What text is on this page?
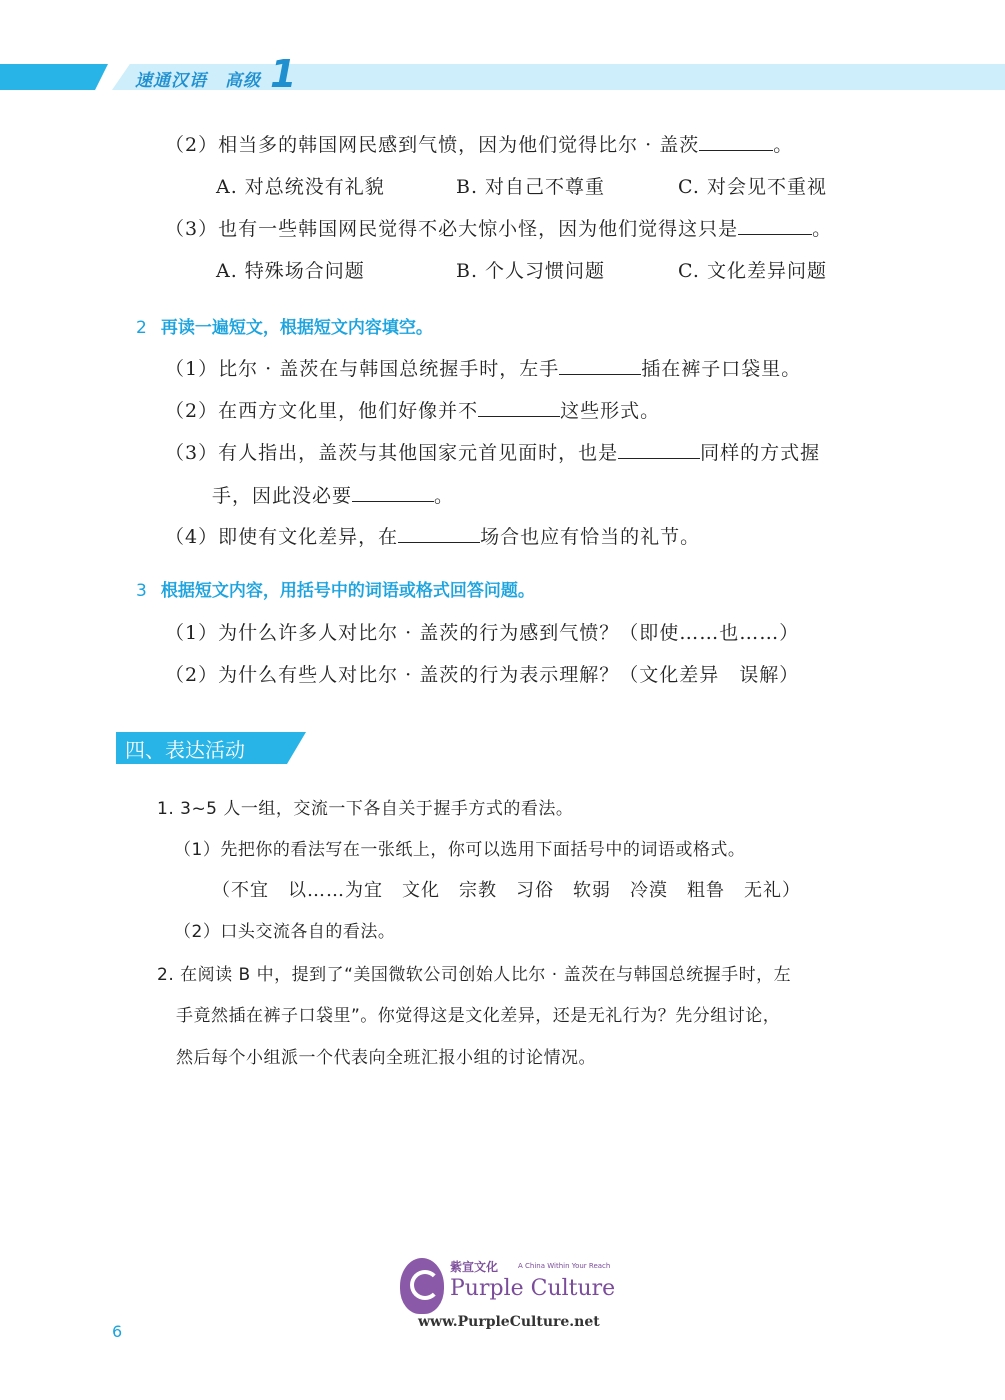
速通汉语　高级 1
（2）相当多的韩国网民感到气愤，因为他们觉得比尔 · 盖茨	。
A. 对总统没有礼貌	B. 对自己不尊重	C. 对会见不重视
（3）也有一些韩国网民觉得不必大惊小怪，因为他们觉得这只是	。
A. 特殊场合问题	B. 个人习惯问题	C. 文化差异问题
2 再读一遍短文，根据短文内容填空。
（1）比尔 · 盖茨在与韩国总统握手时，左手	插在裤子口袋里。
（2）在西方文化里，他们好像并不	这些形式。
（3）有人指出，盖茨与其他国家元首见面时，也是	同样的方式握
手，因此没必要	。
（4）即使有文化差异，在	场合也应有恰当的礼节。
3 根据短文内容，用括号中的词语或格式回答问题。
（1）为什么许多人对比尔 · 盖茨的行为感到气愤？（即使……也……）
（2）为什么有些人对比尔 · 盖茨的行为表示理解？（文化差异　误解）
四、表达活动
1. 3~5 人一组，交流一下各自关于握手方式的看法。
（1）先把你的看法写在一张纸上，你可以选用下面括号中的词语或格式。
（不宜　以……为宜　文化　宗教　习俗　软弱　冷漠　粗鲁　无礼）
（2）口头交流各自的看法。
2. 在阅读 B 中，提到了“美国微软公司创始人比尔 · 盖茨在与韩国总统握手时，左
手竟然插在裤子口袋里”。你觉得这是文化差异，还是无礼行为？先分组讨论，
然后每个小组派一个代表向全班汇报小组的讨论情况。
紫宣文化	A China Within Your Reach
Purple Culture
www.PurpleCulture.net
6
